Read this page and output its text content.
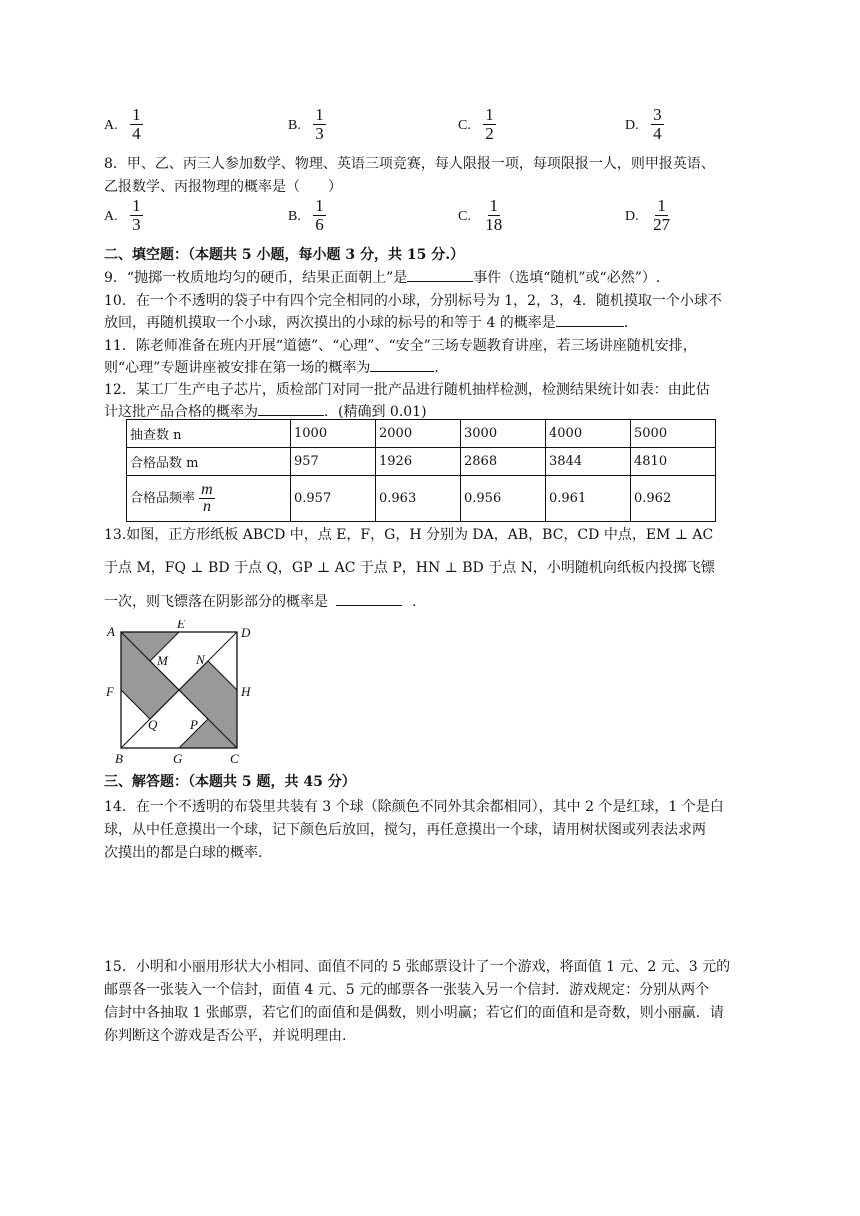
A. $\frac{1}{4}$	B. $\frac{1}{3}$	C. $\frac{1}{2}$	D. $\frac{3}{4}$
8．甲、乙、丙三人参加数学、物理、英语三项竞赛，每人限报一项，每项限报一人，则甲报英语、
乙报数学、丙报物理的概率是（　　）
A. $\frac{1}{3}$	B. $\frac{1}{6}$	C. $\frac{1}{18}$	D. $\frac{1}{27}$
二、填空题：（本题共 5 小题，每小题 3 分，共 15 分.）
9．“抛掷一枚质地均匀的硬币，结果正面朝上”是	事件（选填“随机”或“必然”）.
10．在一个不透明的袋子中有四个完全相同的小球，分别标号为 1，2，3，4．随机摸取一个小球不
放回，再随机摸取一个小球，两次摸出的小球的标号的和等于 4 的概率是	．
11．陈老师准备在班内开展“道德”、“心理”、“安全”三场专题教育讲座，若三场讲座随机安排，
则“心理”专题讲座被安排在第一场的概率为	.
12．某工厂生产电子芯片，质检部门对同一批产品进行随机抽样检测，检测结果统计如表：由此估
计这批产品合格的概率为	．(精确到 0.01)
抽查数 n	1000	2000	3000	4000	5000
合格品数 m	957	1926	2868	3844	4810
合格品频率 $\frac{m}{n}$	0.957	0.963	0.956	0.961	0.962
13.如图，正方形纸板 ABCD 中，点 E，F，G，H 分别为 DA，AB，BC，CD 中点，EM ⊥ AC
于点 M，FQ ⊥ BD 于点 Q，GP ⊥ AC 于点 P，HN ⊥ BD 于点 N，小明随机向纸板内投掷飞镖
一次，则飞镖落在阴影部分的概率是	.
A
E
D
F	H
M N
Q	P
B	G	C
三、解答题：（本题共 5 题，共 45 分）
14．在一个不透明的布袋里共装有 3 个球（除颜色不同外其余都相同），其中 2 个是红球，1 个是白
球，从中任意摸出一个球，记下颜色后放回，搅匀，再任意摸出一个球，请用树状图或列表法求两
次摸出的都是白球的概率.
15．小明和小丽用形状大小相同、面值不同的 5 张邮票设计了一个游戏，将面值 1 元、2 元、3 元的
邮票各一张装入一个信封，面值 4 元、5 元的邮票各一张装入另一个信封．游戏规定：分别从两个
信封中各抽取 1 张邮票，若它们的面值和是偶数，则小明赢；若它们的面值和是奇数，则小丽赢．请
你判断这个游戏是否公平，并说明理由.
